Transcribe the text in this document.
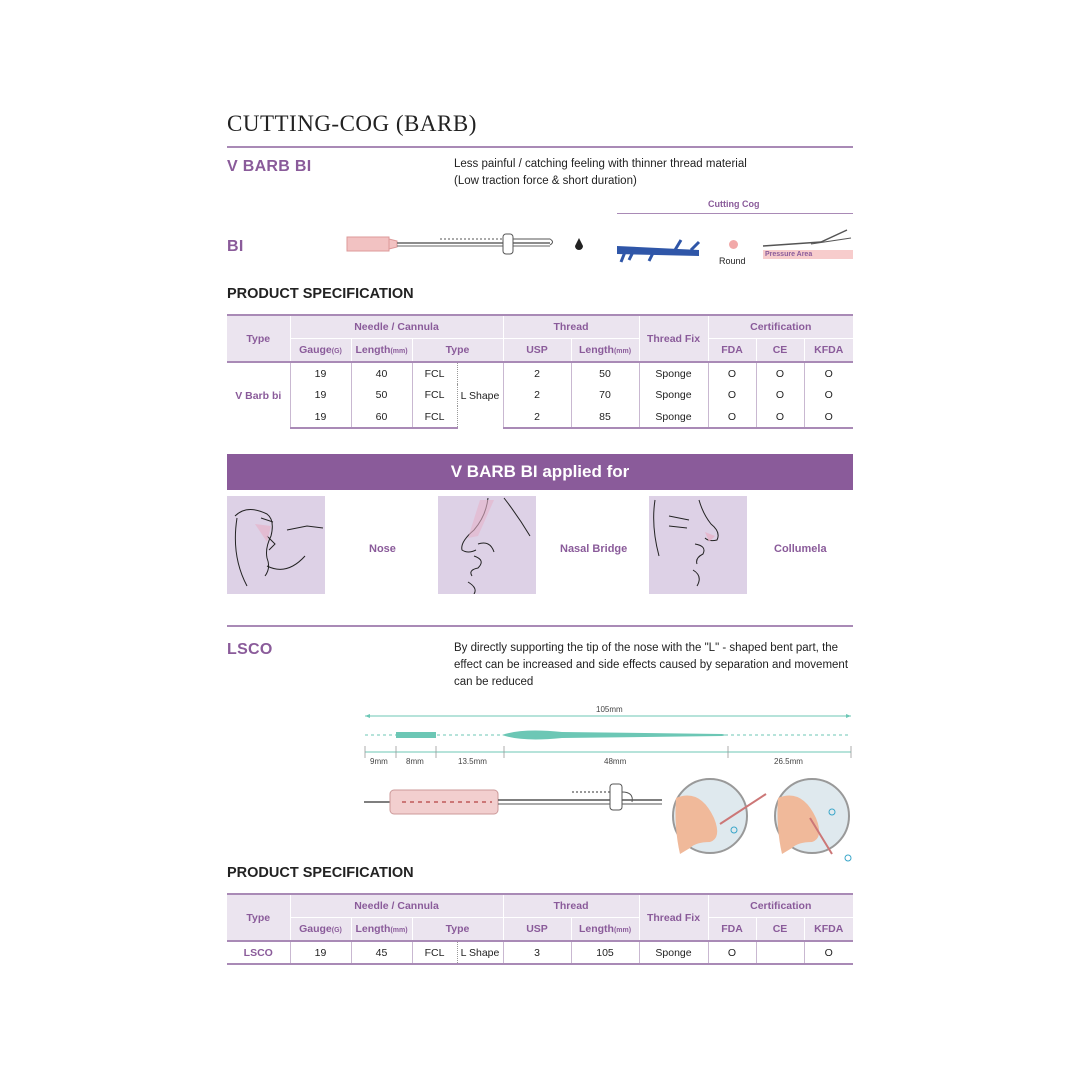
CUTTING-COG (BARB)
V BARB BI	Less painful / catching feeling with thinner thread material
(Low traction force & short duration)
Cutting Cog
BI
Round
Pressure Area
PRODUCT SPECIFICATION
Type	Needle / Cannula				Thread		Thread Fix	Certification		
	Gauge(G)	Length(mm)	Type		USP	Length(mm)		FDA	CE	KFDA
V Barb bi	19	40	FCL	L Shape	2	50	Sponge	O	O	O
	19	50	FCL		2	70	Sponge	O	O	O
	19	60	FCL		2	85	Sponge	O	O	O
V BARB BI applied for
Nose	Nasal Bridge	Collumela
LSCO	By directly supporting the tip of the nose with the "L" - shaped bent part, the
effect can be increased and side effects caused by separation and movement
can be reduced
105mm
9mm 8mm	13.5mm	48mm	26.5mm
PRODUCT SPECIFICATION
Type	Needle / Cannula				Thread		Thread Fix	Certification		
	Gauge(G)	Length(mm)	Type		USP	Length(mm)		FDA	CE	KFDA
LSCO	19	45	FCL	L Shape	3	105	Sponge	O		O
